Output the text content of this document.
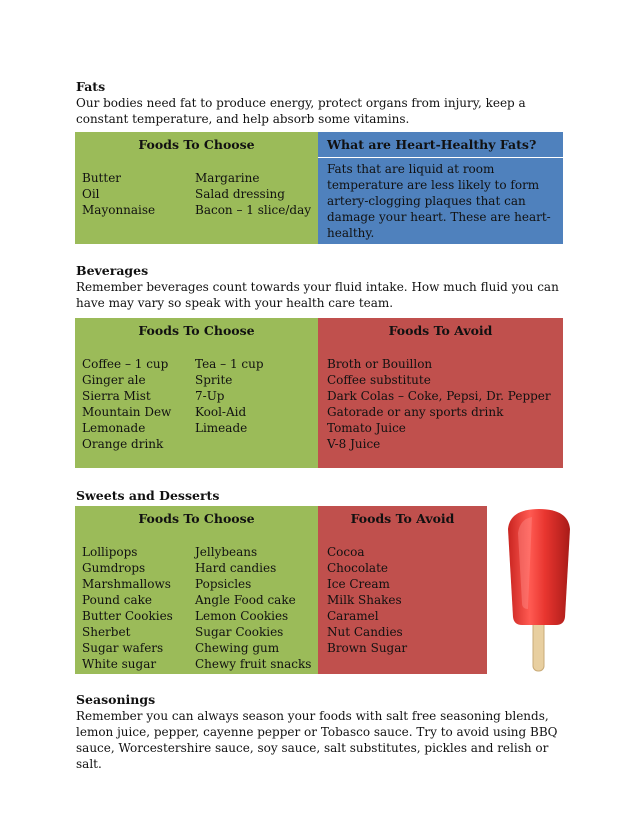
Fats

Our bodies need fat to produce energy, protect organs from injury, keep a constant temperature, and help absorb some vitamins.

Foods To Choose
Butter
Oil
Mayonnaise
Margarine
Salad dressing
Bacon – 1 slice/day
What are Heart-Healthy Fats?
Fats that are liquid at room temperature are less likely to form artery-clogging plaques that can damage your heart. These are heart-healthy.
Beverages

Remember beverages count towards your fluid intake. How much fluid you can have may vary so speak with your health care team.

Foods To Choose
Coffee – 1 cup
Ginger ale
Sierra Mist
Mountain Dew
Lemonade
Orange drink
Tea – 1 cup
Sprite
7-Up
Kool-Aid
Limeade
Foods To Avoid
Broth or Bouillon
Coffee substitute
Dark Colas – Coke, Pepsi, Dr. Pepper
Gatorade or any sports drink
Tomato Juice
V-8 Juice
Sweets and Desserts
Foods To Choose
Lollipops
Gumdrops
Marshmallows
Pound cake
Butter Cookies
Sherbet
Sugar wafers
White sugar
Jellybeans
Hard candies
Popsicles
Angle Food cake
Lemon Cookies
Sugar Cookies
Chewing gum
Chewy fruit snacks
Foods To Avoid
Cocoa
Chocolate
Ice Cream
Milk Shakes
Caramel
Nut Candies
Brown Sugar
Seasonings

Remember you can always season your foods with salt free seasoning blends, lemon juice, pepper, cayenne pepper or Tobasco sauce. Try to avoid using BBQ sauce, Worcestershire sauce, soy sauce, salt substitutes, pickles and relish or salt.
